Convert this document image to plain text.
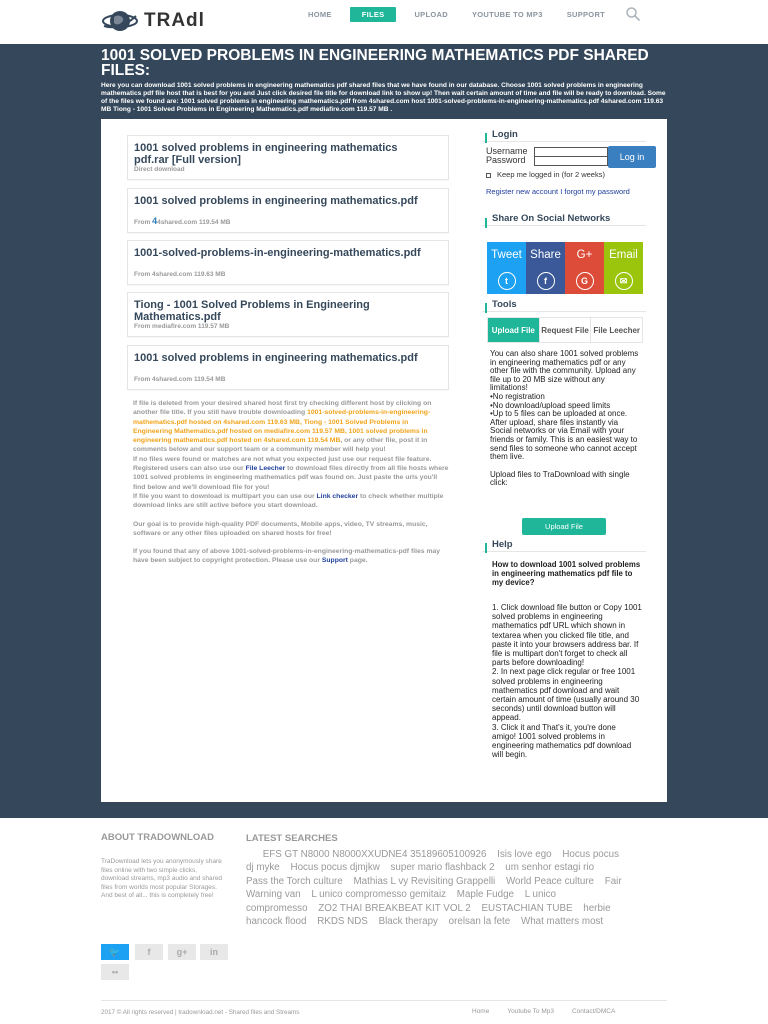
TRAdl	HOME	FILES	UPLOAD	YOUTUBE TO MP3	SUPPORT
1001 SOLVED PROBLEMS IN ENGINEERING MATHEMATICS PDF SHARED FILES:
Here you can download 1001 solved problems in engineering mathematics pdf shared files that we have found in our database. Choose 1001 solved problems in engineering mathematics pdf file host that is best for you and Just click desired file title for download link to show up! Then wait certain amount of time and file will be ready to download. Some of the files we found are: 1001 solved problems in engineering mathematics.pdf from 4shared.com host 1001-solved-problems-in-engineering-mathematics.pdf 4shared.com 119.63 MB Tiong - 1001 Solved Problems in Engineering Mathematics.pdf mediafire.com 119.57 MB .
1001 solved problems in engineering mathematics pdf.rar [Full version]
Direct download
1001 solved problems in engineering mathematics.pdf
From 44shared.com 119.54 MB
1001-solved-problems-in-engineering-mathematics.pdf
From 4shared.com 119.63 MB
Tiong - 1001 Solved Problems in Engineering Mathematics.pdf
From mediafire.com 119.57 MB
1001 solved problems in engineering mathematics.pdf
From 4shared.com 119.54 MB

If file is deleted from your desired shared host first try checking different host by clicking on another file title. If you still have trouble downloading 1001-solved-problems-in-engineering-mathematics.pdf hosted on 4shared.com 119.63 MB, Tiong - 1001 Solved Problems in Engineering Mathematics.pdf hosted on mediafire.com 119.57 MB, 1001 solved problems in engineering mathematics.pdf hosted on 4shared.com 119.54 MB, or any other file, post it in comments below and our support team or a community member will help you!

If no files were found or matches are not what you expected just use our request file feature.

Registered users can also use our File Leecher to download files directly from all file hosts where 1001 solved problems in engineering mathematics pdf was found on. Just paste the urls you'll find below and we'll download file for you!

If file you want to download is multipart you can use our Link checker to check whether multiple download links are still active before you start download.

Our goal is to provide high-quality PDF documents, Mobile apps, video, TV streams, music, software or any other files uploaded on shared hosts for free!

If you found that any of above 1001-solved-problems-in-engineering-mathematics-pdf files may have been subject to copyright protection. Please use our Support page.

Login
Username
Password	Log in
Keep me logged in (for 2 weeks)
Register new account I forgot my password
Share On Social Networks
Tweet Share	G+	Email
t	f	G	✉
Tools
Upload File Request File File Leecher
You can also share 1001 solved problems in engineering mathematics pdf or any other file with the community. Upload any file up to 20 MB size without any limitations!
•No registration
•No download/upload speed limits
•Up to 5 files can be uploaded at once.
After upload, share files instantly via Social networks or via Email with your friends or family. This is an easiest way to send files to someone who cannot accept them live.
Upload files to TraDownload with single click:
Upload File
Help
How to download 1001 solved problems in engineering mathematics pdf file to my device?
1. Click download file button or Copy 1001 solved problems in engineering mathematics pdf URL which shown in textarea when you clicked file title, and paste it into your browsers address bar. If file is multipart don't forget to check all parts before downloading!
2. In next page click regular or free 1001 solved problems in engineering mathematics pdf download and wait certain amount of time (usually around 30 seconds) until download button will appead.
3. Click it and That's it, you're done amigo! 1001 solved problems in engineering mathematics pdf download will begin.
ABOUT TRADOWNLOAD
TraDownload lets you anonymously share files online with two simple clicks, download streams, mp3 audio and shared files from worlds most popular Storages. And best of all... this is completely free!
🐦	f	g+	in
••
LATEST SEARCHES
EFS GT N8000 N8000XXUDNE4 35189605100926 Isis love ego Hocus pocus dj myke Hocus pocus djmjkw super mario flashback 2 um senhor estagi rio Pass the Torch culture Mathias L vy Revisiting Grappelli World Peace culture Fair Warning van L unico compromesso gemitaiz Maple Fudge L unico compromesso ZO2 THAI BREAKBEAT KIT VOL 2 EUSTACHIAN TUBE herbie hancock flood RKDS NDS Black therapy orelsan la fete What matters most
2017 © All rights reserved | tradownload.net - Shared files and Streams	Home	Youtube To Mp3	Contact/DMCA
